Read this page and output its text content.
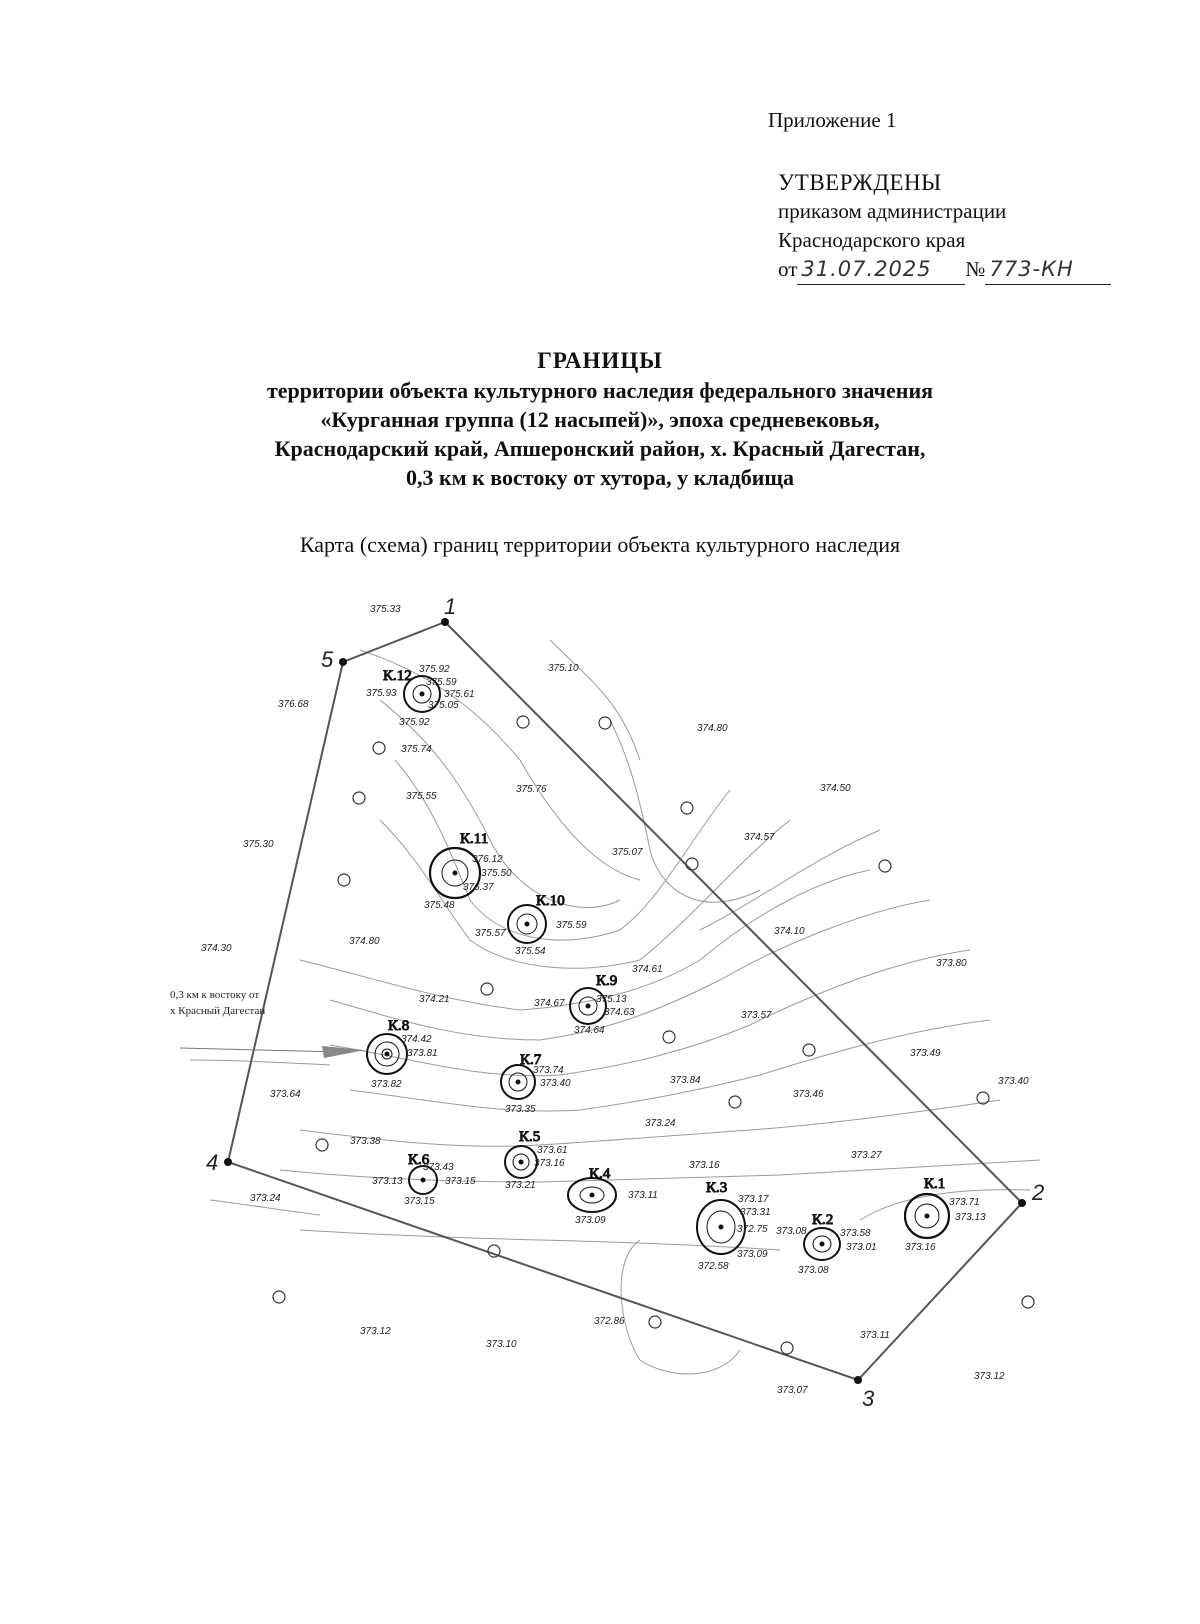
Приложение 1
УТВЕРЖДЕНЫ
приказом администрации
Краснодарского края
от 31.07.2025 № 773-КН
ГРАНИЦЫ
территории объекта культурного наследия федерального значения
«Курганная группа (12 насыпей)», эпоха средневековья,
Краснодарский край, Апшеронский район, х. Красный Дагестан,
0,3 км к востоку от хутора, у кладбища
Карта (схема) границ территории объекта культурного наследия
1
2
3
4
5
К.1
К.2
К.3
К.4
К.5
К.6
К.7
К.8
К.9
К.10
К.11
К.12
375.33
375.10
374.80
376.68
375.92
375.59
375.93	375.61
375.05
375.92
375.74
375.55
375.76	374.50
374.57
375.30
376.12
375.50
376.37
375.48
375.07
375.59
375.57
375.54
374.10
374.30
374.80
373.80
374.61
374.21	375.13
374.63
374.67
374.64
373.57
374.42
373.81
373.82
373.74
373.40
373.35
373.84
373.49
373.40
373.64	373.46
373.24
373.38
373.27
373.61
373.16
373.43
373.15
373.13
373.15
373.21
373.16
373.11
373.09
373.08
373.17
373.31
372.75
373.09
373.58
373.01
373.08
373.71
373.13
373.16
372.58
373.24
373.12
373.10
372.86
373.11
373.07
373.12
0,3 км к востоку от
х Красный Дагестан
